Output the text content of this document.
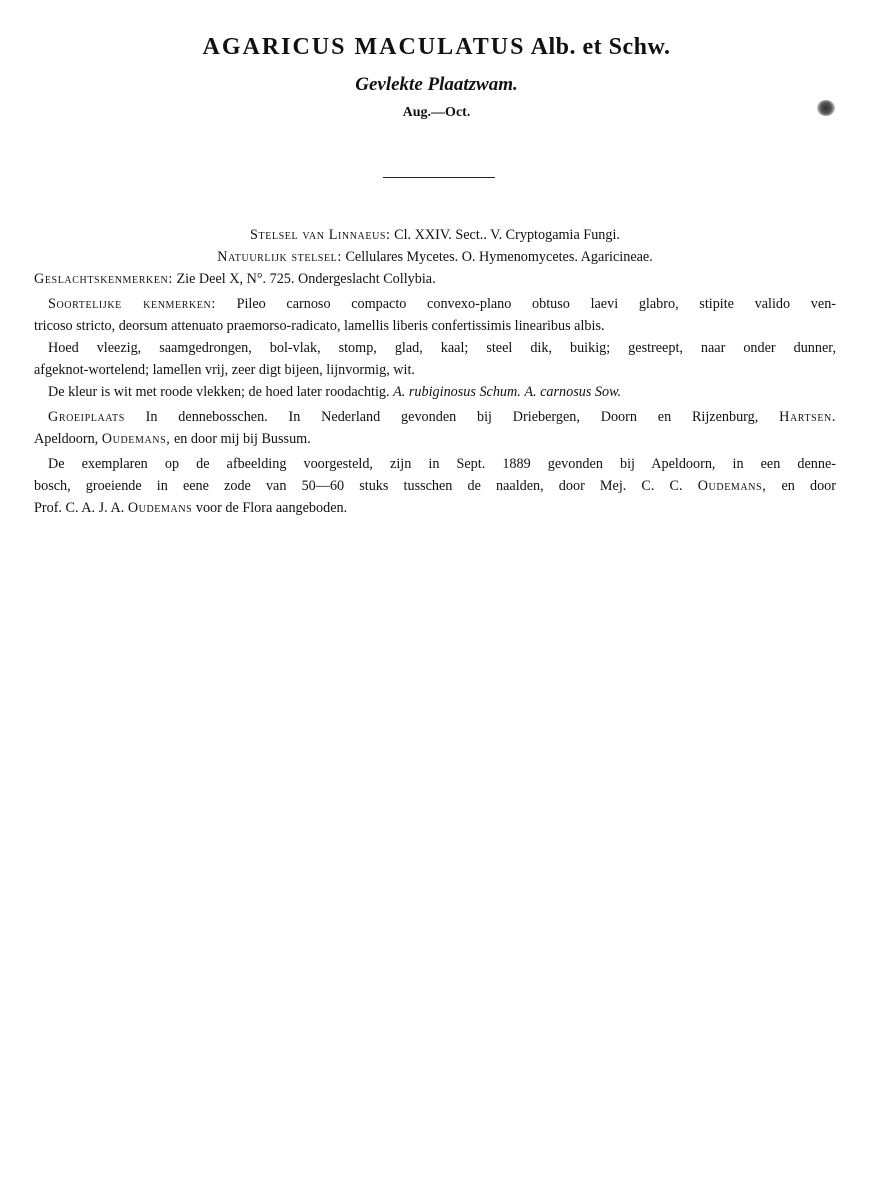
AGARICUS MACULATUS Alb. et Schw.
Gevlekte Plaatzwam.
Aug.—Oct.
Stelsel van Linnaeus: Cl. XXIV. Sect.. V. Cryptogamia Fungi.
Natuurlijk stelsel: Cellulares Mycetes. O. Hymenomycetes. Agaricineae.
Geslachtskenmerken: Zie Deel X, N°. 725. Ondergeslacht Collybia.
Soortelijke kenmerken: Pileo carnoso compacto convexo-plano obtuso laevi glabro, stipite valido ven-
tricoso stricto, deorsum attenuato praemorso-radicato, lamellis liberis confertissimis linearibus albis.
Hoed vleezig, saamgedrongen, bol-vlak, stomp, glad, kaal; steel dik, buikig; gestreept, naar onder dunner,
afgeknot-wortelend; lamellen vrij, zeer digt bijeen, lijnvormig, wit.
De kleur is wit met roode vlekken; de hoed later roodachtig. A. rubiginosus Schum. A. carnosus Sow.
Groeiplaats In dennebosschen. In Nederland gevonden bij Driebergen, Doorn en Rijzenburg, Hartsen.
Apeldoorn, Oudemans, en door mij bij Bussum.
De exemplaren op de afbeelding voorgesteld, zijn in Sept. 1889 gevonden bij Apeldoorn, in een denne-
bosch, groeiende in eene zode van 50—60 stuks tusschen de naalden, door Mej. C. C. Oudemans, en door
Prof. C. A. J. A. Oudemans voor de Flora aangeboden.
